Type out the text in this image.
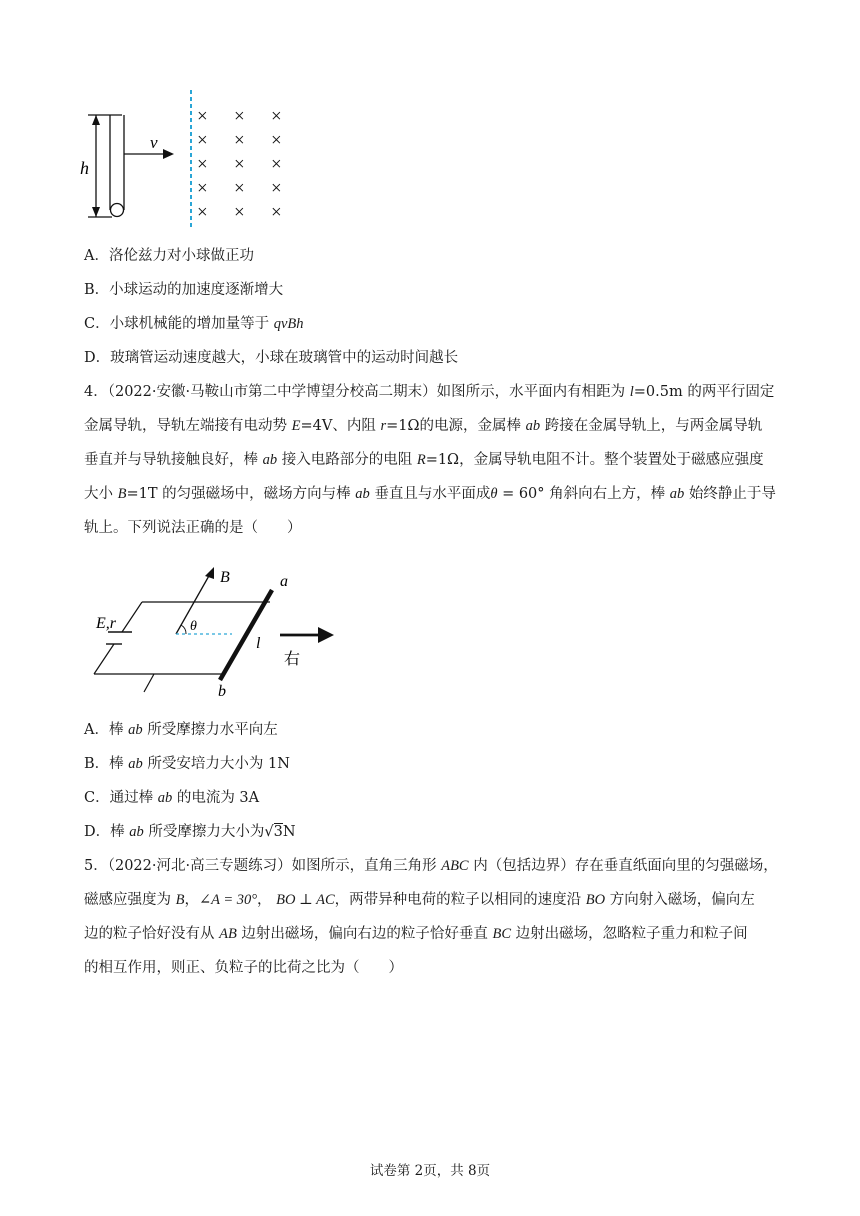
h
v
× × ×
× × ×
× × ×
× × ×
× × ×
A．洛伦兹力对小球做正功
B．小球运动的加速度逐渐增大
C．小球机械能的增加量等于 qvBh
D．玻璃管运动速度越大，小球在玻璃管中的运动时间越长
4．（2022·安徽·马鞍山市第二中学博望分校高二期末）如图所示，水平面内有相距为 l=0.5m 的两平行固定
金属导轨，导轨左端接有电动势 E=4V、内阻 r=1Ω的电源，金属棒 ab 跨接在金属导轨上，与两金属导轨
垂直并与导轨接触良好，棒 ab 接入电路部分的电阻 R=1Ω，金属导轨电阻不计。整个装置处于磁感应强度
大小 B=1T 的匀强磁场中，磁场方向与棒 ab 垂直且与水平面成θ = 60° 角斜向右上方，棒 ab 始终静止于导
轨上。下列说法正确的是（　　）
E,r
B
θ
a
b
l
右
A．棒 ab 所受摩擦力水平向左
B．棒 ab 所受安培力大小为 1N
C．通过棒 ab 的电流为 3A
D．棒 ab 所受摩擦力大小为√3N
5．（2022·河北·高三专题练习）如图所示，直角三角形 ABC 内（包括边界）存在垂直纸面向里的匀强磁场，
磁感应强度为 B，∠A = 30°， BO ⊥ AC，两带异种电荷的粒子以相同的速度沿 BO 方向射入磁场，偏向左
边的粒子恰好没有从 AB 边射出磁场，偏向右边的粒子恰好垂直 BC 边射出磁场，忽略粒子重力和粒子间
的相互作用，则正、负粒子的比荷之比为（　　）
试卷第 2页，共 8页
